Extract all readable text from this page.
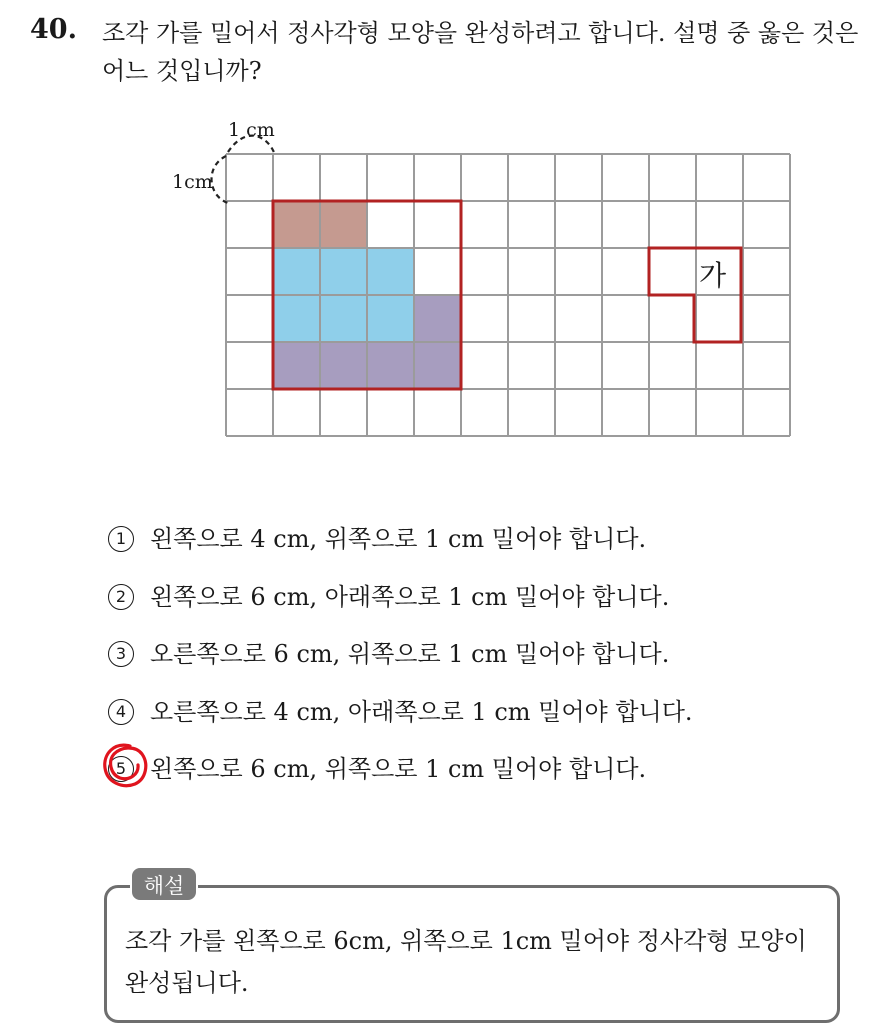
40. 조각 가를 밀어서 정사각형 모양을 완성하려고 합니다. 설명 중 옳은 것은 어느 것입니까?
가
1 cm
1cm
1 왼쪽으로 4 cm, 위쪽으로 1 cm 밀어야 합니다.
2 왼쪽으로 6 cm, 아래쪽으로 1 cm 밀어야 합니다.
3 오른쪽으로 6 cm, 위쪽으로 1 cm 밀어야 합니다.
4 오른쪽으로 4 cm, 아래쪽으로 1 cm 밀어야 합니다.
5 왼쪽으로 6 cm, 위쪽으로 1 cm 밀어야 합니다.
해설
조각 가를 왼쪽으로 6cm, 위쪽으로 1cm 밀어야 정사각형 모양이 완성됩니다.
